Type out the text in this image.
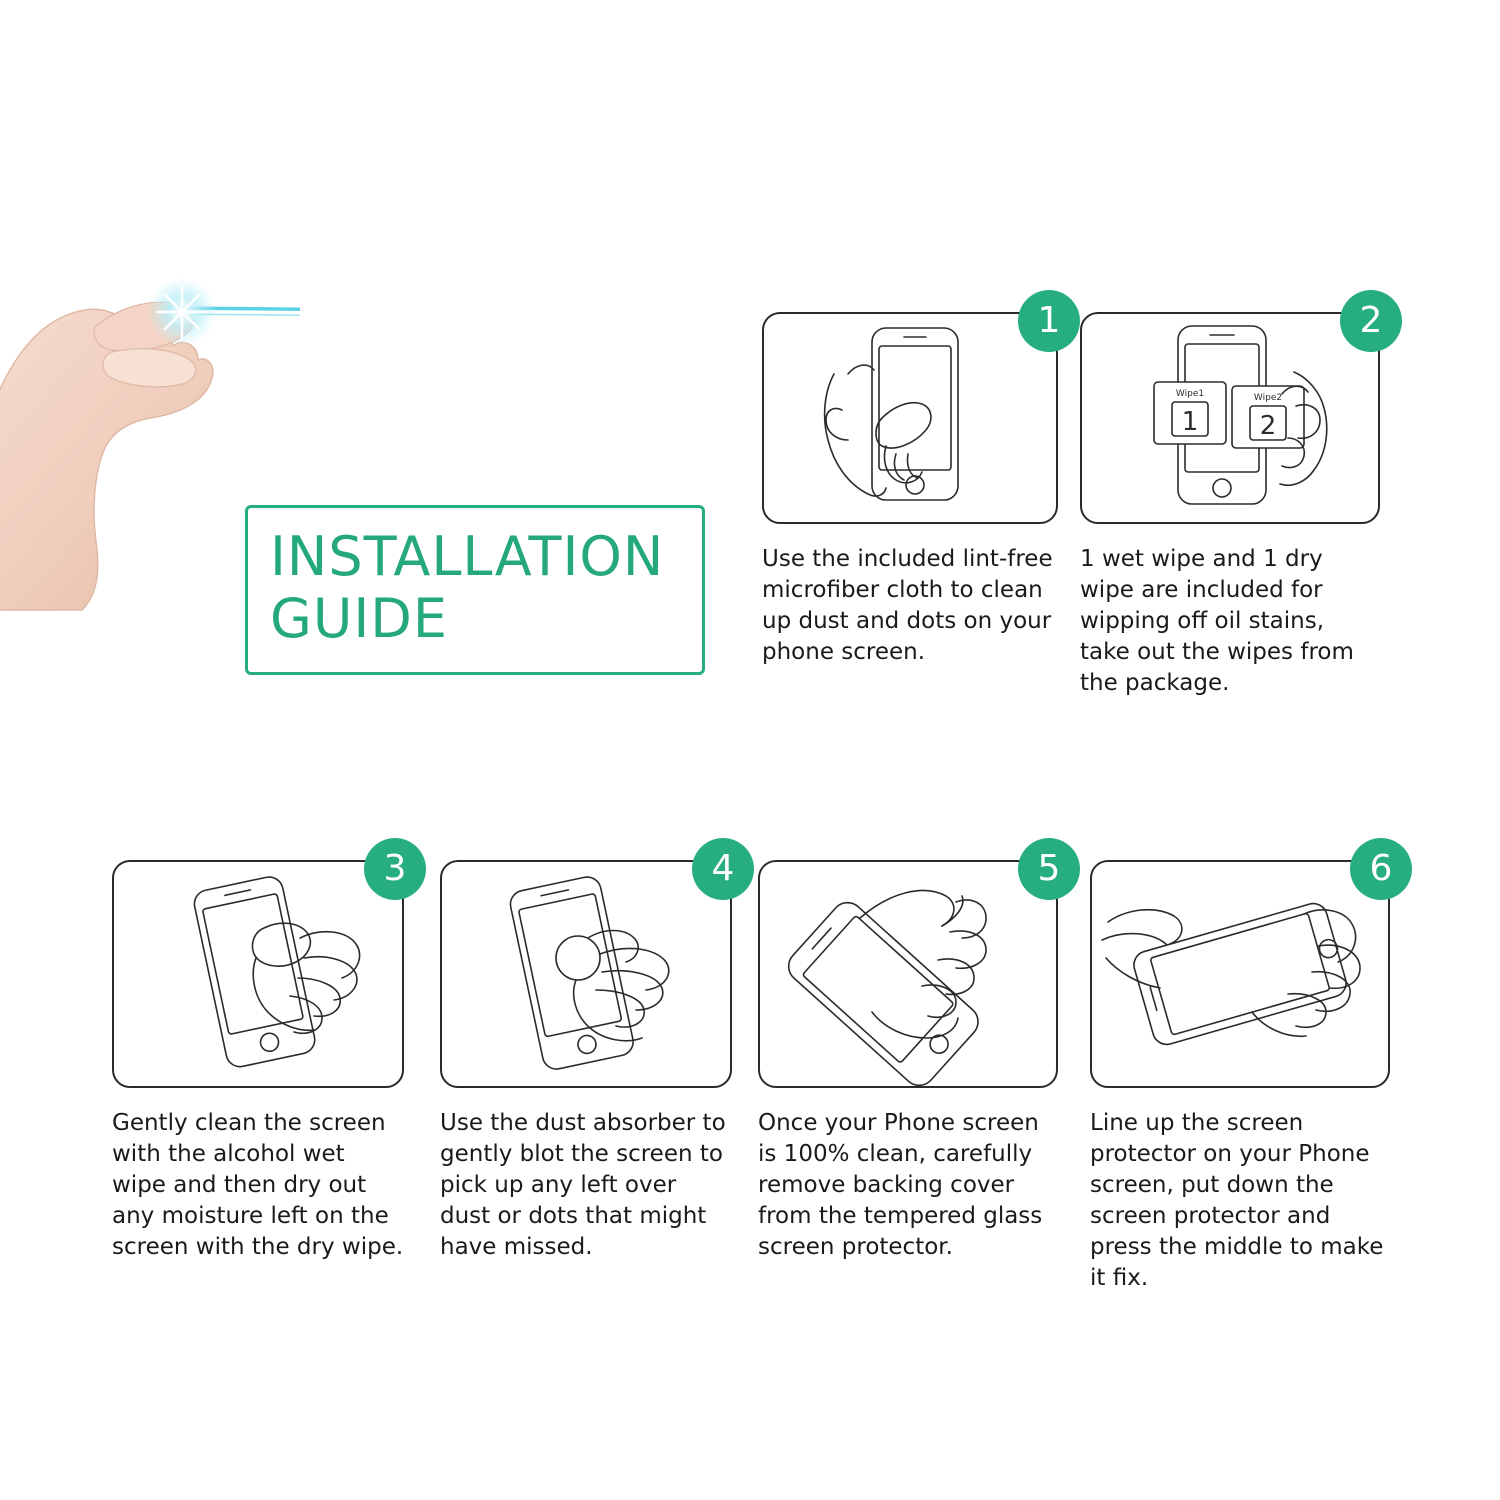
INSTALLATION
GUIDE
1
Use the included lint-free microfiber cloth to clean up dust and dots on your phone screen.
Wipe1
1
Wipe2
2
2
1 wet wipe and 1 dry wipe are included for wipping off oil stains, take out the wipes from the package.
3
Gently clean the screen with the alcohol wet wipe and then dry out any moisture left on the screen with the dry wipe.
4
Use the dust absorber to gently blot the screen to pick up any left over dust or dots that might have missed.
5
Once your Phone screen is 100% clean, carefully remove backing cover from the tempered glass screen protector.
6
Line up the screen protector on your Phone screen, put down the screen protector and press the middle to make it fix.
